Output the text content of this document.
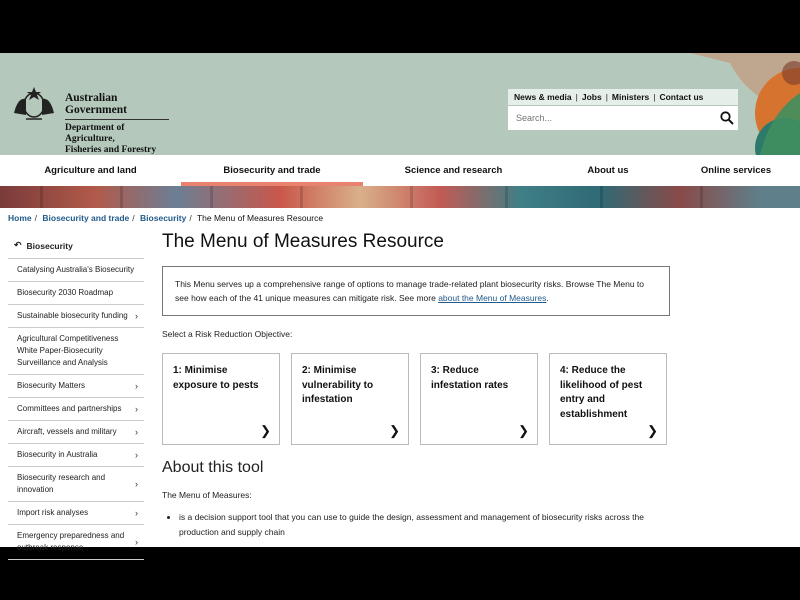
Australian Government
Department of Agriculture,
Fisheries and Forestry
News & media | Jobs | Ministers | Contact us
Search...
Agriculture and land	Biosecurity and trade	Science and research	About us	Online services
Home / Biosecurity and trade / Biosecurity / The Menu of Measures Resource
↶ Biosecurity
Catalysing Australia's Biosecurity
Biosecurity 2030 Roadmap
Sustainable biosecurity funding ›
Agricultural Competitiveness White Paper-Biosecurity Surveillance and Analysis
Biosecurity Matters	›
Committees and partnerships ›
Aircraft, vessels and military ›
Biosecurity in Australia	›
Biosecurity research and innovation
›
Import risk analyses	›
Emergency preparedness and outbreak response
›
The Menu of Measures Resource
This Menu serves up a comprehensive range of options to manage trade-related plant biosecurity risks. Browse The Menu to see how each of the 41 unique measures can mitigate risk. See more about the Menu of Measures.
Select a Risk Reduction Objective:
1: Minimise exposure to pests
❯
2: Minimise vulnerability to infestation
❯
3: Reduce infestation rates
❯
4: Reduce the likelihood of pest entry and establishment
❯
About this tool
The Menu of Measures:
• is a decision support tool that you can use to guide the design, assessment and management of biosecurity risks across the production and supply chain
